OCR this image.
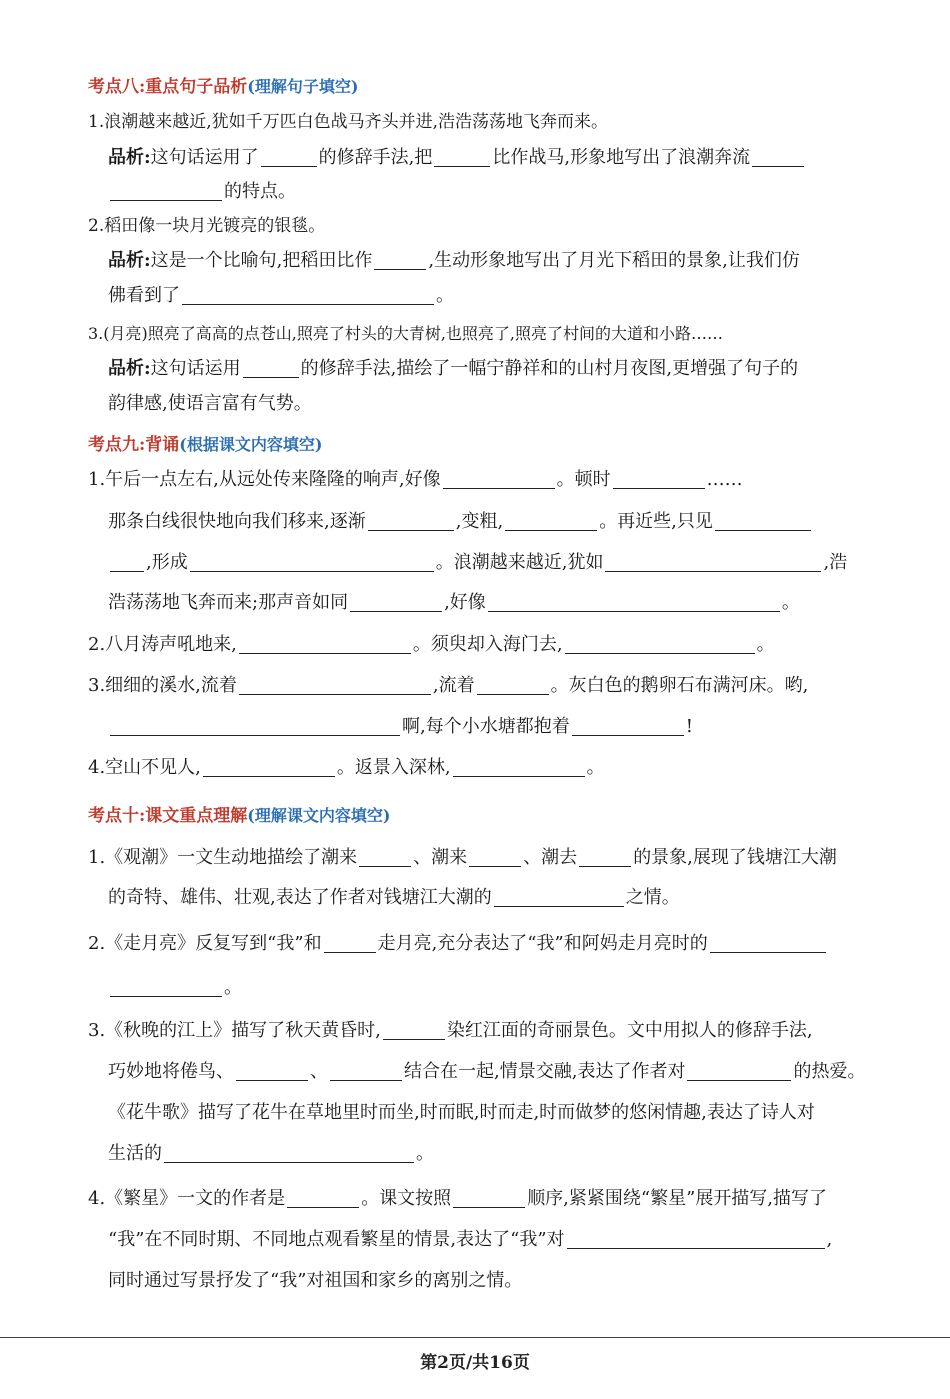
考点八:重点句子品析(理解句子填空)
1.浪潮越来越近,犹如千万匹白色战马齐头并进,浩浩荡荡地飞奔而来。
品析:这句话运用了	的修辞手法,把	比作战马,形象地写出了浪潮奔流
的特点。
2.稻田像一块月光镀亮的银毯。
品析:这是一个比喻句,把稻田比作	,生动形象地写出了月光下稻田的景象,让我们仿
佛看到了	。
3.(月亮)照亮了高高的点苍山,照亮了村头的大青树,也照亮了,照亮了村间的大道和小路……
品析:这句话运用	的修辞手法,描绘了一幅宁静祥和的山村月夜图,更增强了句子的
韵律感,使语言富有气势。
考点九:背诵(根据课文内容填空)
1.午后一点左右,从远处传来隆隆的响声,好像	。顿时	……
那条白线很快地向我们移来,逐渐	,变粗,	。再近些,只见
,形成	。浪潮越来越近,犹如	,浩
浩荡荡地飞奔而来;那声音如同	,好像	。
2.八月涛声吼地来,	。须臾却入海门去,	。
3.细细的溪水,流着	,流着	。灰白色的鹅卵石布满河床。哟,
啊,每个小水塘都抱着	!
4.空山不见人,	。返景入深林,	。
考点十:课文重点理解(理解课文内容填空)
1.《观潮》一文生动地描绘了潮来	、潮来	、潮去	的景象,展现了钱塘江大潮
的奇特、雄伟、壮观,表达了作者对钱塘江大潮的	之情。
2.《走月亮》反复写到“我”和	走月亮,充分表达了“我”和阿妈走月亮时的
。
3.《秋晚的江上》描写了秋天黄昏时,	染红江面的奇丽景色。文中用拟人的修辞手法,
巧妙地将倦鸟、	、	结合在一起,情景交融,表达了作者对	的热爱。
《花牛歌》描写了花牛在草地里时而坐,时而眠,时而走,时而做梦的悠闲情趣,表达了诗人对
生活的	。
4.《繁星》一文的作者是	。课文按照	顺序,紧紧围绕“繁星”展开描写,描写了
“我”在不同时期、不同地点观看繁星的情景,表达了“我”对	,
同时通过写景抒发了“我”对祖国和家乡的离别之情。
第2页/共16页
